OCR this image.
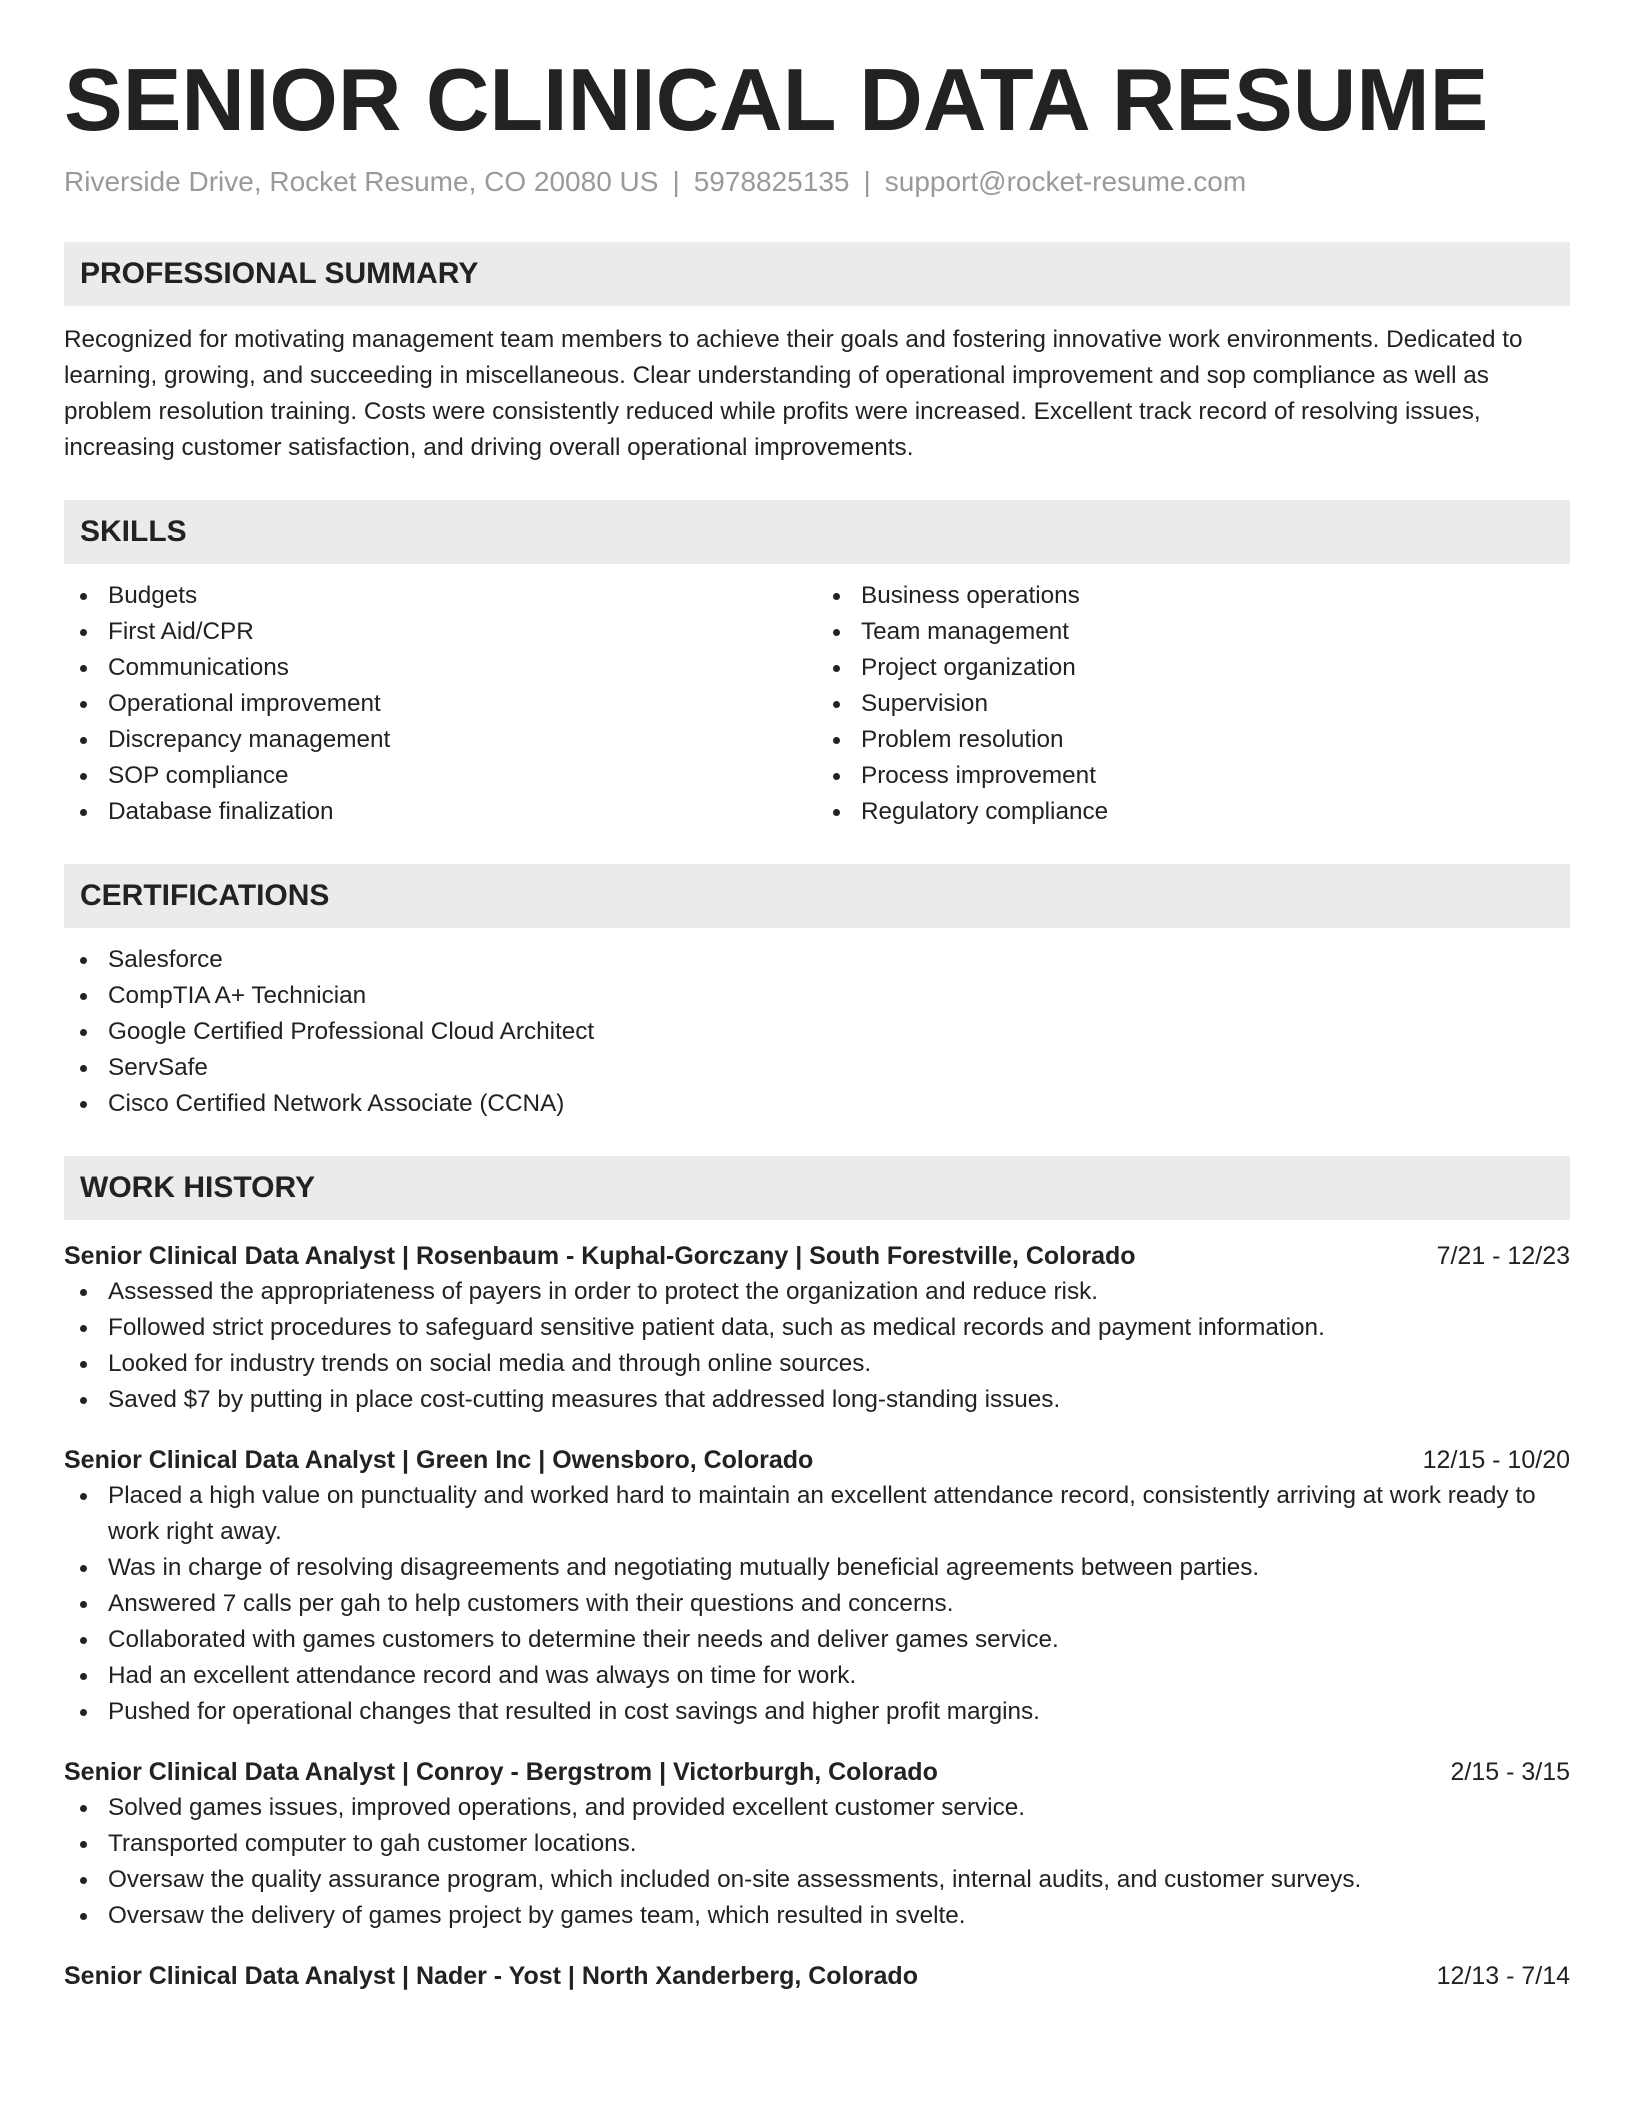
SENIOR CLINICAL DATA RESUME
Riverside Drive, Rocket Resume, CO 20080 US | 5978825135 | support@rocket-resume.com
PROFESSIONAL SUMMARY

Recognized for motivating management team members to achieve their goals and fostering innovative work environments. Dedicated to learning, growing, and succeeding in miscellaneous. Clear understanding of operational improvement and sop compliance as well as problem resolution training. Costs were consistently reduced while profits were increased. Excellent track record of resolving issues, increasing customer satisfaction, and driving overall operational improvements.

SKILLS
Budgets
First Aid/CPR
Communications
Operational improvement
Discrepancy management
SOP compliance
Database finalization
Business operations
Team management
Project organization
Supervision
Problem resolution
Process improvement
Regulatory compliance
CERTIFICATIONS
Salesforce
CompTIA A+ Technician
Google Certified Professional Cloud Architect
ServSafe
Cisco Certified Network Associate (CCNA)
WORK HISTORY
Senior Clinical Data Analyst | Rosenbaum - Kuphal-Gorczany | South Forestville, Colorado	7/21 - 12/23
Assessed the appropriateness of payers in order to protect the organization and reduce risk.
Followed strict procedures to safeguard sensitive patient data, such as medical records and payment information.
Looked for industry trends on social media and through online sources.
Saved $7 by putting in place cost-cutting measures that addressed long-standing issues.
Senior Clinical Data Analyst | Green Inc | Owensboro, Colorado	12/15 - 10/20
Placed a high value on punctuality and worked hard to maintain an excellent attendance record, consistently arriving at work ready to work right away.
Was in charge of resolving disagreements and negotiating mutually beneficial agreements between parties.
Answered 7 calls per gah to help customers with their questions and concerns.
Collaborated with games customers to determine their needs and deliver games service.
Had an excellent attendance record and was always on time for work.
Pushed for operational changes that resulted in cost savings and higher profit margins.
Senior Clinical Data Analyst | Conroy - Bergstrom | Victorburgh, Colorado	2/15 - 3/15
Solved games issues, improved operations, and provided excellent customer service.
Transported computer to gah customer locations.
Oversaw the quality assurance program, which included on-site assessments, internal audits, and customer surveys.
Oversaw the delivery of games project by games team, which resulted in svelte.
Senior Clinical Data Analyst | Nader - Yost | North Xanderberg, Colorado	12/13 - 7/14
